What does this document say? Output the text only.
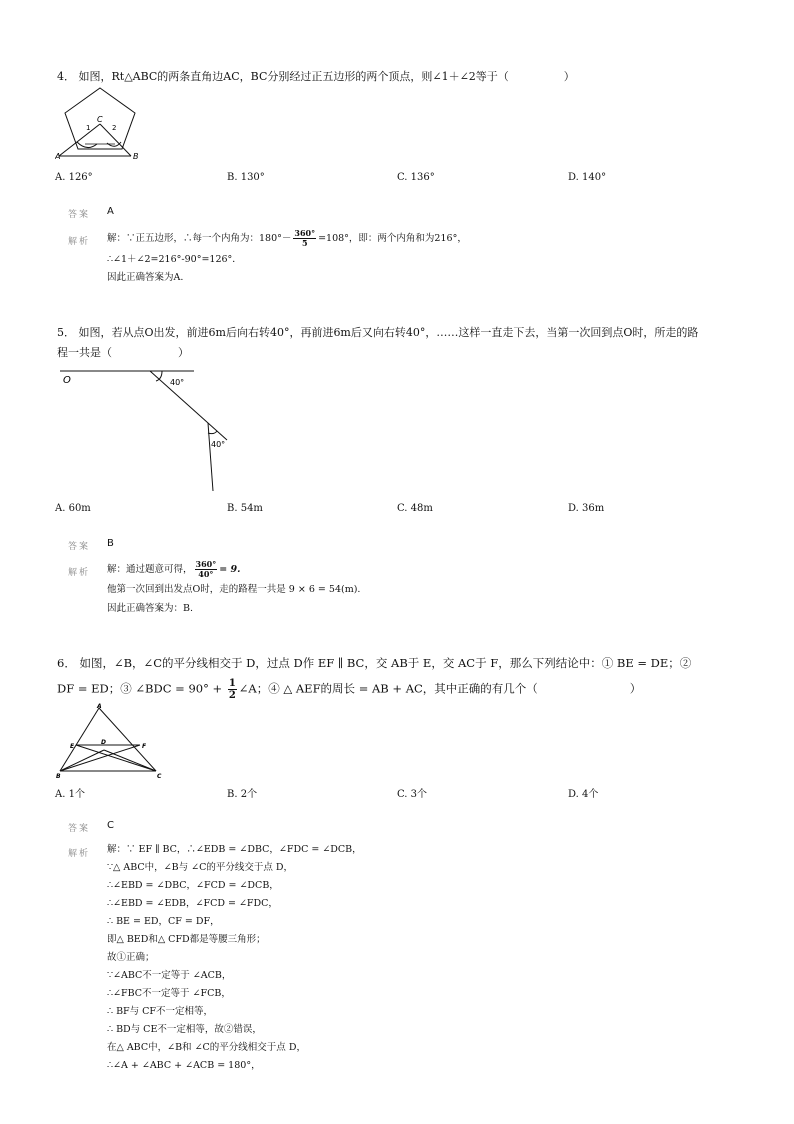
4． 如图，Rt△ABC的两条直角边AC，BC分别经过正五边形的两个顶点，则∠1＋∠2等于（　　　　　）
A	B
C
1	2
A. 126°	B. 130°	C. 136°	D. 140°
答案 A
解析 解：∵正五边形，∴每一个内角为：$180^\circ- \frac{360^\circ}{5} =108^\circ$，即：两个内角和为216°，
∴∠1＋∠2=216°-90°=126°．
因此正确答案为A.
5． 如图，若从点O出发，前进6m后向右转40°，再前进6m后又向右转40°，……这样一直走下去，当第一次回到点O时，所走的路
程一共是（　　　　　　）
O	40°
40°
A. 60m	B. 54m	C. 48m	D. 36m
答案 B
解析 解：通过题意可得， $\frac{360^\circ}{40^\circ} = 9$.
他第一次回到出发点O时，走的路程一共是 9 × 6 = 54(m).
因此正确答案为：B.
6． 如图，∠B，∠C的平分线相交于 D，过点 D作 EF ∥ BC，交 AB于 E，交 AC于 F，那么下列结论中：① BE = DE；②
DF = ED；③ ∠BDC = $90^\circ + \frac{1}{2}$ ∠A；④ △ AEF的周长 = AB + AC，其中正确的有几个（　　　　　　　　）
A
E
D
F
B	C
A. 1个	B. 2个	C. 3个	D. 4个
答案 C
解析 解：∵ EF ∥ BC，∴∠EDB = ∠DBC，∠FDC = ∠DCB，
∵△ ABC中，∠B与 ∠C的平分线交于点 D，
∴∠EBD = ∠DBC，∠FCD = ∠DCB，
∴∠EBD = ∠EDB，∠FCD = ∠FDC，
∴ BE = ED，CF = DF，
即△ BED和△ CFD都是等腰三角形；
故①正确；
∵∠ABC不一定等于 ∠ACB，
∴∠FBC不一定等于 ∠FCB，
∴ BF与 CF不一定相等，
∴ BD与 CE不一定相等，故②错误，
在△ ABC中，∠B和 ∠C的平分线相交于点 D，
∴∠A + ∠ABC + ∠ACB = 180°，
